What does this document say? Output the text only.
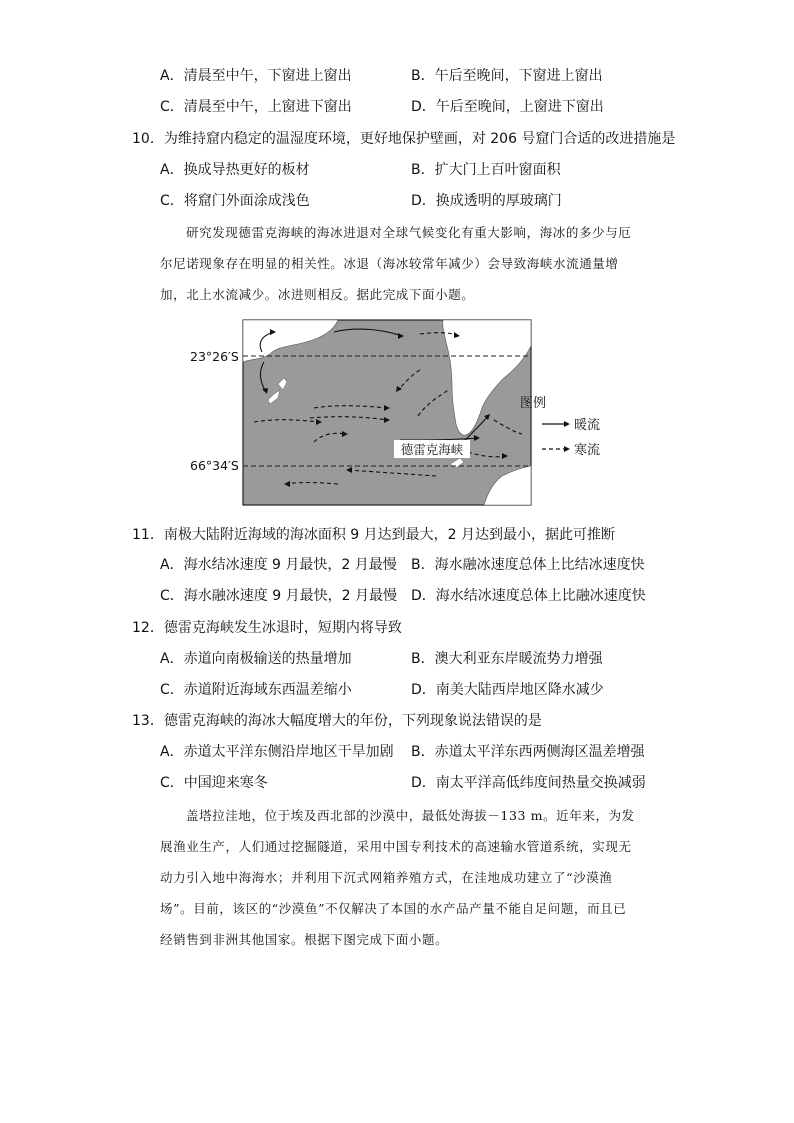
A．清晨至中午，下窗进上窗出	B．午后至晚间，下窗进上窗出
C．清晨至中午，上窗进下窗出	D．午后至晚间，上窗进下窗出
10．为维持窟内稳定的温湿度环境，更好地保护壁画，对 206 号窟门合适的改进措施是
A．换成导热更好的板材	B．扩大门上百叶窗面积
C．将窟门外面涂成浅色	D．换成透明的厚玻璃门
研究发现德雷克海峡的海冰进退对全球气候变化有重大影响，海冰的多少与厄尔尼诺现象存在明显的相关性。冰退（海冰较常年减少）会导致海峡水流通量增加，北上水流减少。冰进则相反。据此完成下面小题。
德雷克海峡
23°26′S
66°34′S
图例
暖流
寒流
11．南极大陆附近海域的海冰面积 9 月达到最大，2 月达到最小，据此可推断
A．海水结冰速度 9 月最快，2 月最慢 B．海水融冰速度总体上比结冰速度快
C．海水融冰速度 9 月最快，2 月最慢 D．海水结冰速度总体上比融冰速度快
12．德雷克海峡发生冰退时，短期内将导致
A．赤道向南极输送的热量增加	B．澳大利亚东岸暖流势力增强
C．赤道附近海域东西温差缩小	D．南美大陆西岸地区降水减少
13．德雷克海峡的海冰大幅度增大的年份，下列现象说法错误的是
A．赤道太平洋东侧沿岸地区干旱加剧 B．赤道太平洋东西两侧海区温差增强
C．中国迎来寒冬	D．南太平洋高低纬度间热量交换减弱
盖塔拉洼地，位于埃及西北部的沙漠中，最低处海拔－133 m。近年来，为发展渔业生产，人们通过挖掘隧道，采用中国专利技术的高速输水管道系统，实现无动力引入地中海海水；并利用下沉式网箱养殖方式，在洼地成功建立了“沙漠渔场”。目前，该区的“沙漠鱼”不仅解决了本国的水产品产量不能自足问题，而且已经销售到非洲其他国家。根据下图完成下面小题。
